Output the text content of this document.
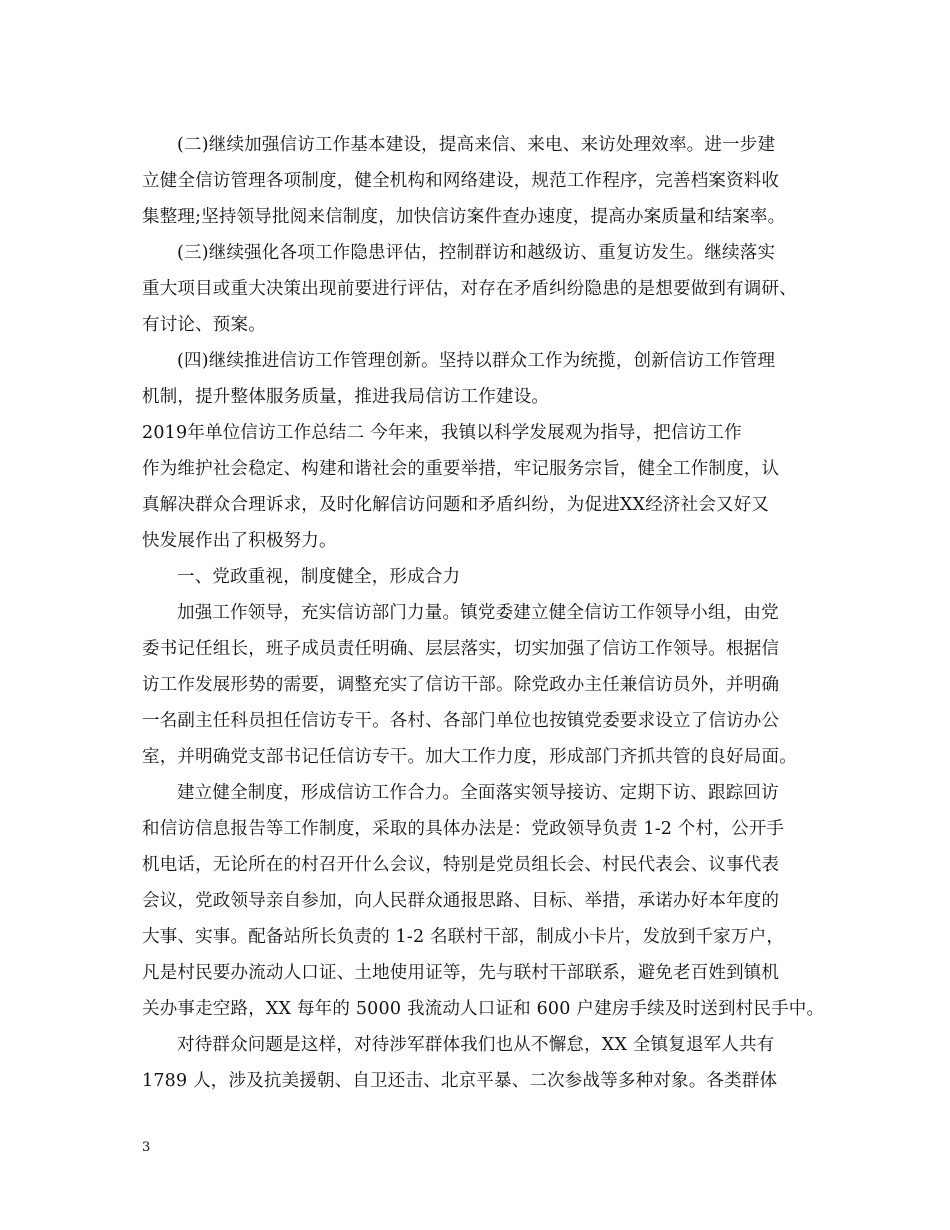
(二)继续加强信访工作基本建设，提高来信、来电、来访处理效率。进一步建
立健全信访管理各项制度，健全机构和网络建设，规范工作程序，完善档案资料收
集整理;坚持领导批阅来信制度，加快信访案件查办速度，提高办案质量和结案率。
(三)继续强化各项工作隐患评估，控制群访和越级访、重复访发生。继续落实
重大项目或重大决策出现前要进行评估，对存在矛盾纠纷隐患的是想要做到有调研、
有讨论、预案。
(四)继续推进信访工作管理创新。坚持以群众工作为统揽，创新信访工作管理
机制，提升整体服务质量，推进我局信访工作建设。
2019年单位信访工作总结二 今年来，我镇以科学发展观为指导，把信访工作
作为维护社会稳定、构建和谐社会的重要举措，牢记服务宗旨，健全工作制度，认
真解决群众合理诉求，及时化解信访问题和矛盾纠纷，为促进XX经济社会又好又
快发展作出了积极努力。
一、党政重视，制度健全，形成合力
加强工作领导，充实信访部门力量。镇党委建立健全信访工作领导小组，由党
委书记任组长，班子成员责任明确、层层落实，切实加强了信访工作领导。根据信
访工作发展形势的需要，调整充实了信访干部。除党政办主任兼信访员外，并明确
一名副主任科员担任信访专干。各村、各部门单位也按镇党委要求设立了信访办公
室，并明确党支部书记任信访专干。加大工作力度，形成部门齐抓共管的良好局面。
建立健全制度，形成信访工作合力。全面落实领导接访、定期下访、跟踪回访
和信访信息报告等工作制度，采取的具体办法是：党政领导负责 1-2 个村，公开手
机电话，无论所在的村召开什么会议，特别是党员组长会、村民代表会、议事代表
会议，党政领导亲自参加，向人民群众通报思路、目标、举措，承诺办好本年度的
大事、实事。配备站所长负责的 1-2 名联村干部，制成小卡片，发放到千家万户，
凡是村民要办流动人口证、土地使用证等，先与联村干部联系，避免老百姓到镇机
关办事走空路，XX 每年的 5000 我流动人口证和 600 户建房手续及时送到村民手中。
对待群众问题是这样，对待涉军群体我们也从不懈怠，XX 全镇复退军人共有
1789 人，涉及抗美援朝、自卫还击、北京平暴、二次参战等多种对象。各类群体
3
